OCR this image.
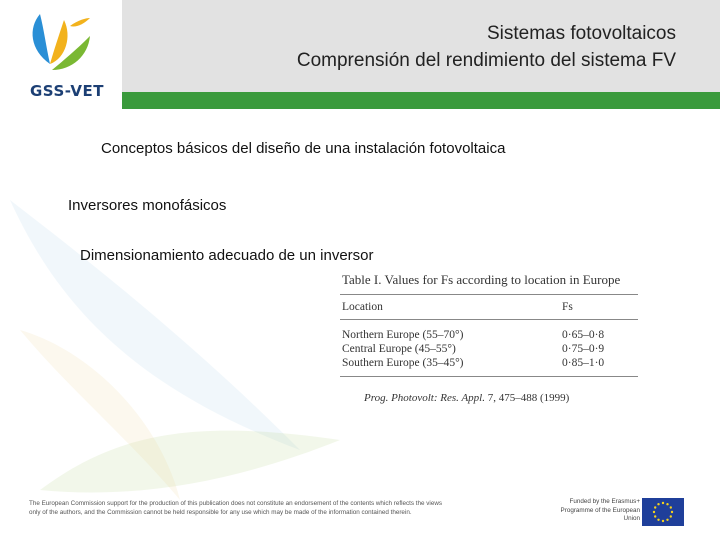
GSS-VET
Sistemas fotovoltaicos
Comprensión del rendimiento del sistema FV
Conceptos básicos del diseño de una instalación fotovoltaica
Inversores monofásicos
Dimensionamiento adecuado de un inversor
Table I. Values for Fs according to location in Europe
Location	Fs
Northern Europe (55–70°)	0·65–0·8
Central Europe (45–55°)	0·75–0·9
Southern Europe (35–45°)	0·85–1·0
Prog. Photovolt: Res. Appl. 7, 475–488 (1999)
The European Commission support for the production of this publication does not constitute an endorsement of the contents which reflects the views only of the authors, and the Commission cannot be held responsible for any use which may be made of the information contained therein.
Funded by the Erasmus+ Programme of the European Union
